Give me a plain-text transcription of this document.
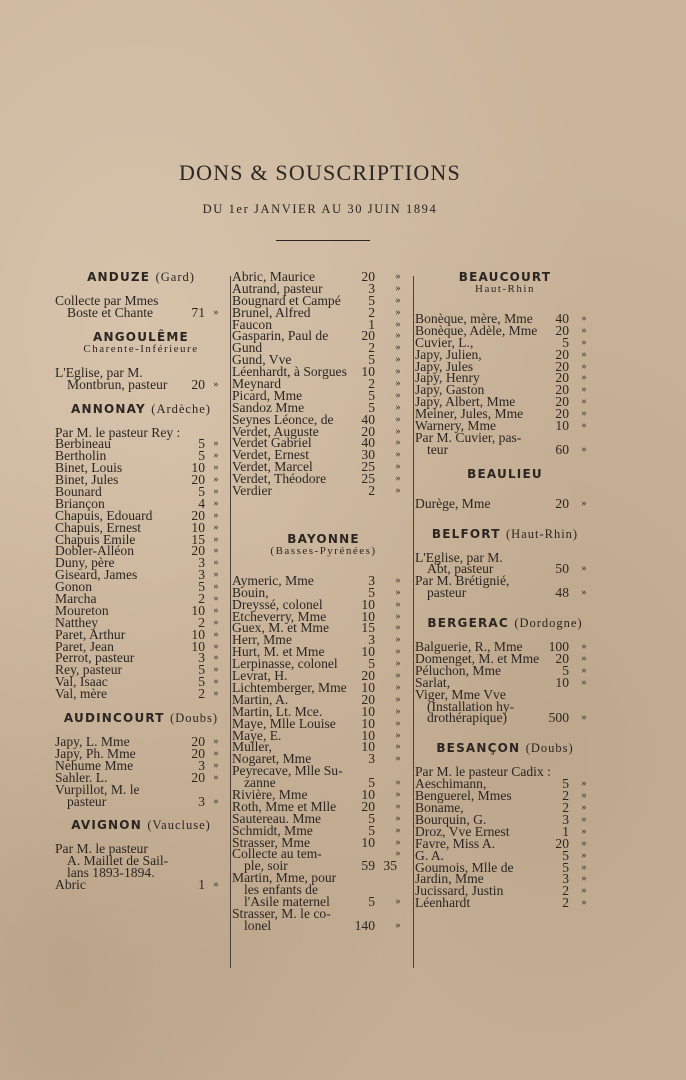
DONS & SOUSCRIPTIONS
DU 1er JANVIER AU 30 JUIN 1894
ANDUZE (Gard)
Collecte par Mmes
Boste et Chante	71 »
ANGOULÊME
Charente-Inférieure
L'Eglise, par M.
Montbrun, pasteur 20 »
ANNONAY (Ardèche)
Par M. le pasteur Rey :
Berbineau	5 »
Bertholin	5 »
Binet, Louis	10 »
Binet, Jules	20 »
Bounard	5 »
Briançon	4 »
Chapuis, Edouard	20 »
Chapuis, Ernest	10 »
Chapuis Emile	15 »
Dobler-Alléon	20 »
Duny, père	3 »
Giseard, James	3 »
Gonon	5 »
Marcha	2 »
Moureton	10 »
Natthey	2 »
Paret, Arthur	10 »
Paret, Jean	10 »
Perrot, pasteur	3 »
Rey, pasteur	5 »
Val, Isaac	5 »
Val, mère	2 »
AUDINCOURT (Doubs)
Japy, L. Mme	20 »
Japy, Ph. Mme	20 »
Nehume Mme	3 »
Sahler. L.	20 »
Vurpillot, M. le
pasteur	3 »
AVIGNON (Vaucluse)
Par M. le pasteur
A. Maillet de Sail-
lans 1893-1894.
Abric	1 »
Abric, Maurice	20	»
Autrand, pasteur	3	»
Bougnard et Campé 5	»
Brunel, Alfred	2	»
Faucon	1	»
Gasparin, Paul de 20	»
Gund	2	»
Gund, Vve	5	»
Léenhardt, à Sorgues 10	»
Meynard	2	»
Picard, Mme	5	»
Sandoz Mme	5	»
Seynes Léonce, de 40	»
Verdet, Auguste	20	»
Verdet Gabriel	40	»
Verdet, Ernest	30	»
Verdet, Marcel	25	»
Verdet, Théodore	25	»
Verdier	2	»
BAYONNE
(Basses-Pyrénées)
Aymeric, Mme	3	»
Bouin,	5	»
Dreyssé, colonel	10	»
Etcheverry, Mme	10	»
Guex, M. et Mme 15	»
Herr, Mme	3	»
Hurt, M. et Mme	10	»
Lerpinasse, colonel 5	»
Levrat, H.	20	»
Lichtemberger, Mme 10	»
Martin, A.	20	»
Martin, Lt. Mce.	10	»
Maye, Mlle Louise 10	»
Maye, E.	10	»
Muller,	10	»
Nogaret, Mme	3	»
Peyrecave, Mlle Su-
zanne	5	»
Rivière, Mme	10	»
Roth, Mme et Mlle 20	»
Sautereau. Mme	5	»
Schmidt, Mme	5	»
Strasser, Mme	10	»
Collecte au tem-	»
ple, soir	59 35
Martin, Mme, pour
les enfants de
l'Asile maternel	5	»
Strasser, M. le co-
lonel	140	»
BEAUCOURT
Haut-Rhin
Bonèque, mère, Mme 40	»
Bonèque, Adèle, Mme 20	»
Cuvier, L.,	5	»
Japy, Julien,	20	»
Japy, Jules	20	»
Japy, Henry	20	»
Japy, Gaston	20	»
Japy, Albert, Mme	20	»
Meiner, Jules, Mme 20	»
Warnery, Mme	10	»
Par M. Cuvier, pas-
teur	60	»
BEAULIEU
Durège, Mme	20	»
BELFORT (Haut-Rhin)
L'Eglise, par M.
Abt, pasteur	50	»
Par M. Brétignié,
pasteur	48	»
BERGERAC (Dordogne)
Balguerie, R., Mme 100	»
Domenget, M. et Mme 20	»
Péluchon, Mme	5	»
Sarlat,	10	»
Viger, Mme Vve
(Installation hy-
drothérapique)	500	»
BESANÇON (Doubs)
Par M. le pasteur Cadix :
Aeschimann,	5	»
Benguerel, Mmes	2	»
Boname,	2	»
Bourquin, G.	3	»
Droz, Vve Ernest	1	»
Favre, Miss A.	20	»
G. A.	5	»
Goumois, Mlle de	5	»
Jardin, Mme	3	»
Jucissard, Justin	2	»
Léenhardt	2	»
